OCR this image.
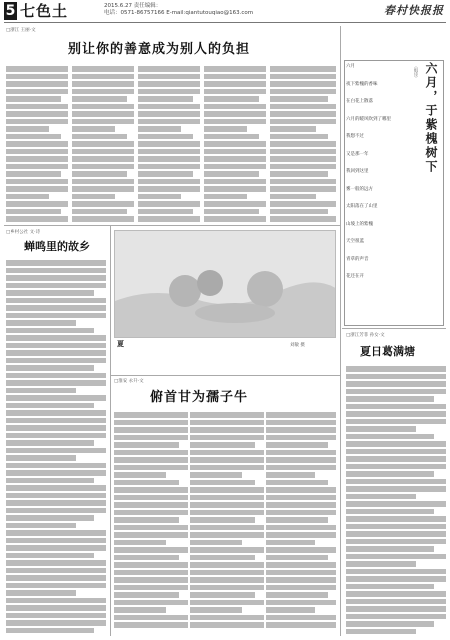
5 七色土	2015.6.27 责任编辑：
电话：0571-86757166 E-mail:qiantutouqiao@163.com	春村快报报
□浙江 王丽·文
别让你的善意成为别人的负担
□乡村公社 文·诗
蝉鸣里的故乡
夏	刘敏 摄
□淮安 永升·文
俯首甘为孺子牛
六月，于紫槐树下
（组诗）
六月
夜下紫槐的香味
在白花上散落
六月的暖风吹到了哪里
我想不过
又是那一年
我回到这里
雾一般的远方
太阳落在了山里
山坡上的紫槐
天空很蓝
青草的声音
花还在开
□浙江芳菲 孙女·文
夏日葛满塘
